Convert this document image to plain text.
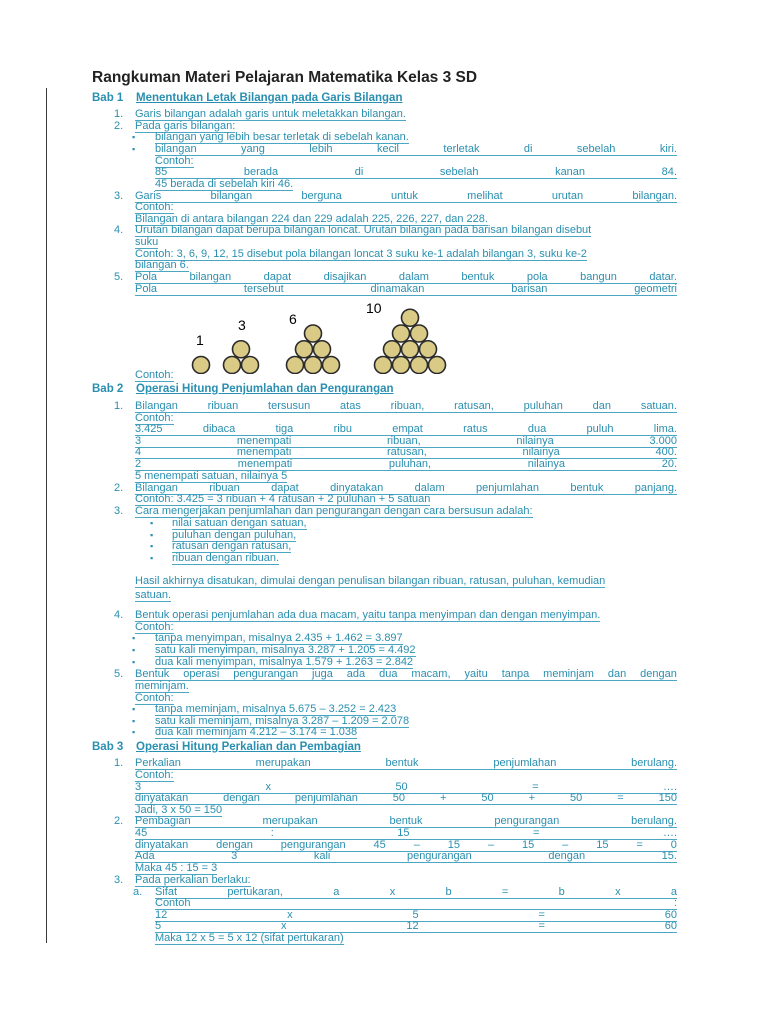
Rangkuman Materi Pelajaran Matematika Kelas 3 SD
Bab 1 Menentukan Letak Bilangan pada Garis Bilangan
1. Garis bilangan adalah garis untuk meletakkan bilangan.
2. Pada garis bilangan:
▪ bilangan yang lebih besar terletak di sebelah kanan.
▪ bilangan	yang	lebih	kecil	terletak	di	sebelah	kiri.
Contoh:
85	berada	di	sebelah	kanan	84.
45 berada di sebelah kiri 46.
3. Garis	bilangan	berguna	untuk	melihat	urutan	bilangan.
Contoh:
Bilangan di antara bilangan 224 dan 229 adalah 225, 226, 227, dan 228.
4. Urutan bilangan dapat berupa bilangan loncat. Urutan bilangan pada barisan bilangan disebut
suku
Contoh: 3, 6, 9, 12, 15 disebut pola bilangan loncat 3 suku ke-1 adalah bilangan 3, suku ke-2
bilangan 6.
5. Pola	bilangan	dapat	disajikan	dalam	bentuk	pola	bangun	datar.
Pola	tersebut	dinamakan	barisan	geometri
1
3	6
10
Contoh:
Bab 2 Operasi Hitung Penjumlahan dan Pengurangan
1. Bilangan	ribuan	tersusun	atas	ribuan,	ratusan,	puluhan	dan	satuan.
Contoh:
3.425	dibaca	tiga	ribu	empat	ratus	dua	puluh	lima.
3	menempati	ribuan,	nilainya	3.000
4	menempati	ratusan,	nilainya	400.
2	menempati	puluhan,	nilainya	20.
5 menempati satuan, nilainya 5
2. Bilangan	ribuan	dapat	dinyatakan	dalam	penjumlahan	bentuk	panjang.
Contoh: 3.425 = 3 ribuan + 4 ratusan + 2 puluhan + 5 satuan
3. Cara mengerjakan penjumlahan dan pengurangan dengan cara bersusun adalah:
▪ nilai satuan dengan satuan,
▪ puluhan dengan puluhan,
▪ ratusan dengan ratusan,
▪ ribuan dengan ribuan.
Hasil akhirnya disatukan, dimulai dengan penulisan bilangan ribuan, ratusan, puluhan, kemudian
satuan.
4. Bentuk operasi penjumlahan ada dua macam, yaitu tanpa menyimpan dan dengan menyimpan.
Contoh:
▪ tanpa menyimpan, misalnya 2.435 + 1.462 = 3.897
▪ satu kali menyimpan, misalnya 3.287 + 1.205 = 4.492
▪ dua kali menyimpan, misalnya 1.579 + 1.263 = 2.842
5. Bentuk operasi pengurangan juga ada dua macam, yaitu tanpa meminjam dan dengan
meminjam.
Contoh:
▪ tanpa meminjam, misalnya 5.675 – 3.252 = 2.423
▪ satu kali meminjam, misalnya 3.287 – 1.209 = 2.078
▪ dua kali meminjam 4.212 – 3.174 = 1.038
Bab 3 Operasi Hitung Perkalian dan Pembagian
1. Perkalian	merupakan	bentuk	penjumlahan	berulang.
Contoh:
3	x	50	=	….
dinyatakan	dengan	penjumlahan	50	+	50	+	50	=	150
Jadi, 3 x 50 = 150
2. Pembagian	merupakan	bentuk	pengurangan	berulang.
45	:	15	=	….
dinyatakan	dengan	pengurangan	45	–	15	–	15	–	15	=	0
Ada	3	kali	pengurangan	dengan	15.
Maka 45 : 15 = 3
3. Pada perkalian berlaku:
a. Sifat	pertukaran,	a	x	b	=	b	x	a
Contoh	:
12	x	5	=	60
5	x	12	=	60
Maka 12 x 5 = 5 x 12 (sifat pertukaran)
